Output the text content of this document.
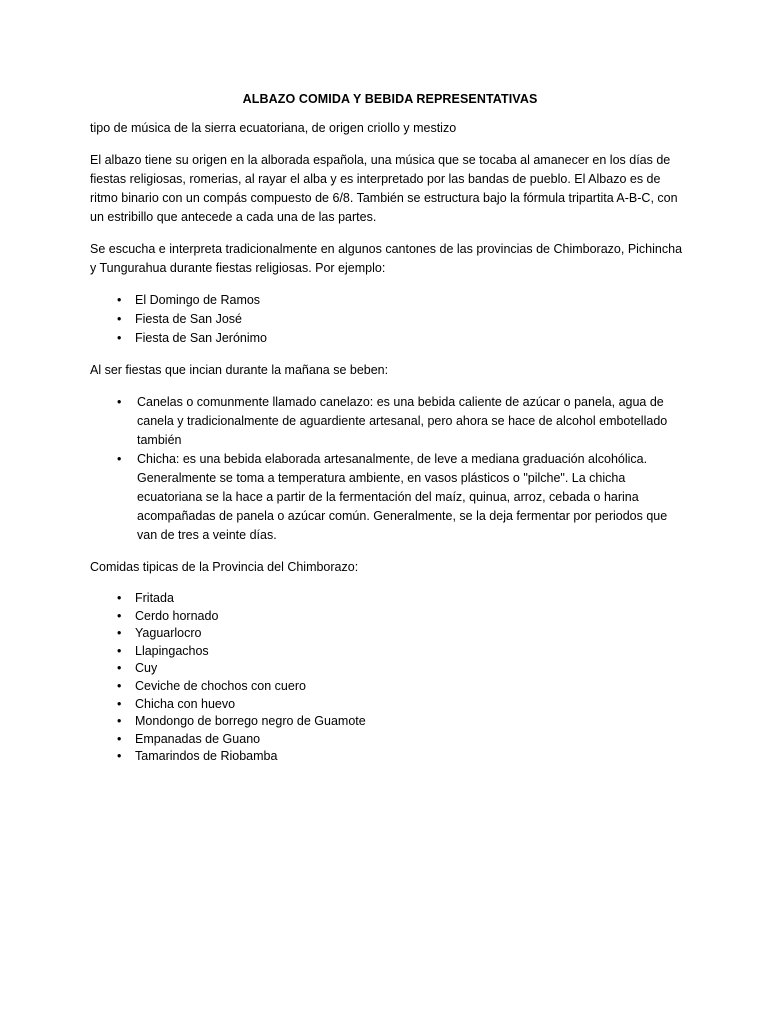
ALBAZO COMIDA Y BEBIDA REPRESENTATIVAS

tipo de música de la sierra ecuatoriana, de origen criollo y mestizo

El albazo tiene su origen en la alborada española, una música que se tocaba al amanecer en los días de fiestas religiosas, romerias, al rayar el alba y es interpretado por las bandas de pueblo. El Albazo es de ritmo binario con un compás compuesto de 6/8. También se estructura bajo la fórmula tripartita A-B-C, con un estribillo que antecede a cada una de las partes.

Se escucha e interpreta tradicionalmente en algunos cantones de las provincias de Chimborazo, Pichincha y Tungurahua durante fiestas religiosas. Por ejemplo:

• El Domingo de Ramos
• Fiesta de San José
• Fiesta de San Jerónimo

Al ser fiestas que incian durante la mañana se beben:

• Canelas o comunmente llamado canelazo: es una bebida caliente de azúcar o panela, agua de canela y tradicionalmente de aguardiente artesanal, pero ahora se hace de alcohol embotellado también
• Chicha: es una bebida elaborada artesanalmente, de leve a mediana graduación alcohólica. Generalmente se toma a temperatura ambiente, en vasos plásticos o "pilche". La chicha ecuatoriana se la hace a partir de la fermentación del maíz, quinua, arroz, cebada o harina acompañadas de panela o azúcar común. Generalmente, se la deja fermentar por periodos que van de tres a veinte días.

Comidas tipicas de la Provincia del Chimborazo:

• Fritada
• Cerdo hornado
• Yaguarlocro
• Llapingachos
• Cuy
• Ceviche de chochos con cuero
• Chicha con huevo
• Mondongo de borrego negro de Guamote
• Empanadas de Guano
• Tamarindos de Riobamba
